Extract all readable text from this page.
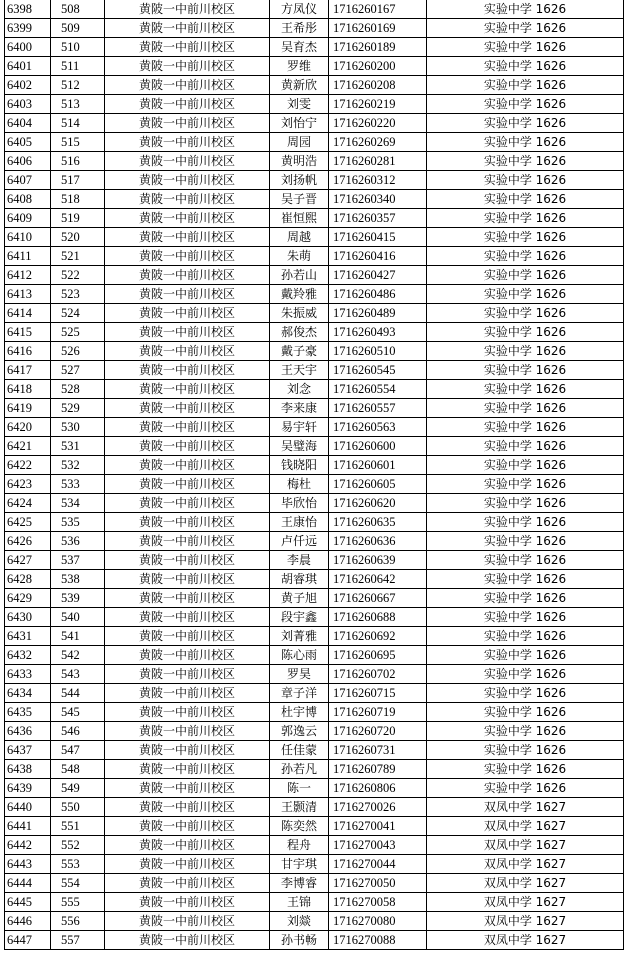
6398	508	黄陂一中前川校区	方凤仪	1716260167	实验中学 1626
6399	509	黄陂一中前川校区	王希彤	1716260169	实验中学 1626
6400	510	黄陂一中前川校区	吴育杰	1716260189	实验中学 1626
6401	511	黄陂一中前川校区	罗维	1716260200	实验中学 1626
6402	512	黄陂一中前川校区	黄新欣	1716260208	实验中学 1626
6403	513	黄陂一中前川校区	刘雯	1716260219	实验中学 1626
6404	514	黄陂一中前川校区	刘怡宁	1716260220	实验中学 1626
6405	515	黄陂一中前川校区	周园	1716260269	实验中学 1626
6406	516	黄陂一中前川校区	黄明浩	1716260281	实验中学 1626
6407	517	黄陂一中前川校区	刘扬帆	1716260312	实验中学 1626
6408	518	黄陂一中前川校区	吴子晋	1716260340	实验中学 1626
6409	519	黄陂一中前川校区	崔恒熙	1716260357	实验中学 1626
6410	520	黄陂一中前川校区	周越	1716260415	实验中学 1626
6411	521	黄陂一中前川校区	朱萌	1716260416	实验中学 1626
6412	522	黄陂一中前川校区	孙若山	1716260427	实验中学 1626
6413	523	黄陂一中前川校区	戴羚雅	1716260486	实验中学 1626
6414	524	黄陂一中前川校区	朱振威	1716260489	实验中学 1626
6415	525	黄陂一中前川校区	郝俊杰	1716260493	实验中学 1626
6416	526	黄陂一中前川校区	戴子豪	1716260510	实验中学 1626
6417	527	黄陂一中前川校区	王天宇	1716260545	实验中学 1626
6418	528	黄陂一中前川校区	刘念	1716260554	实验中学 1626
6419	529	黄陂一中前川校区	李来康	1716260557	实验中学 1626
6420	530	黄陂一中前川校区	易宇轩	1716260563	实验中学 1626
6421	531	黄陂一中前川校区	吴璧海	1716260600	实验中学 1626
6422	532	黄陂一中前川校区	钱晓阳	1716260601	实验中学 1626
6423	533	黄陂一中前川校区	梅杜	1716260605	实验中学 1626
6424	534	黄陂一中前川校区	毕欣怡	1716260620	实验中学 1626
6425	535	黄陂一中前川校区	王康怡	1716260635	实验中学 1626
6426	536	黄陂一中前川校区	卢仟远	1716260636	实验中学 1626
6427	537	黄陂一中前川校区	李晨	1716260639	实验中学 1626
6428	538	黄陂一中前川校区	胡睿琪	1716260642	实验中学 1626
6429	539	黄陂一中前川校区	黄子旭	1716260667	实验中学 1626
6430	540	黄陂一中前川校区	段宇鑫	1716260688	实验中学 1626
6431	541	黄陂一中前川校区	刘菁雅	1716260692	实验中学 1626
6432	542	黄陂一中前川校区	陈心雨	1716260695	实验中学 1626
6433	543	黄陂一中前川校区	罗昊	1716260702	实验中学 1626
6434	544	黄陂一中前川校区	章子洋	1716260715	实验中学 1626
6435	545	黄陂一中前川校区	杜宇博	1716260719	实验中学 1626
6436	546	黄陂一中前川校区	郭逸云	1716260720	实验中学 1626
6437	547	黄陂一中前川校区	任佳蒙	1716260731	实验中学 1626
6438	548	黄陂一中前川校区	孙若凡	1716260789	实验中学 1626
6439	549	黄陂一中前川校区	陈一	1716260806	实验中学 1626
6440	550	黄陂一中前川校区	王颢清	1716270026	双凤中学 1627
6441	551	黄陂一中前川校区	陈奕然	1716270041	双凤中学 1627
6442	552	黄陂一中前川校区	程舟	1716270043	双凤中学 1627
6443	553	黄陂一中前川校区	甘宇琪	1716270044	双凤中学 1627
6444	554	黄陂一中前川校区	李博睿	1716270050	双凤中学 1627
6445	555	黄陂一中前川校区	王锦	1716270058	双凤中学 1627
6446	556	黄陂一中前川校区	刘燚	1716270080	双凤中学 1627
6447	557	黄陂一中前川校区	孙书畅	1716270088	双凤中学 1627
